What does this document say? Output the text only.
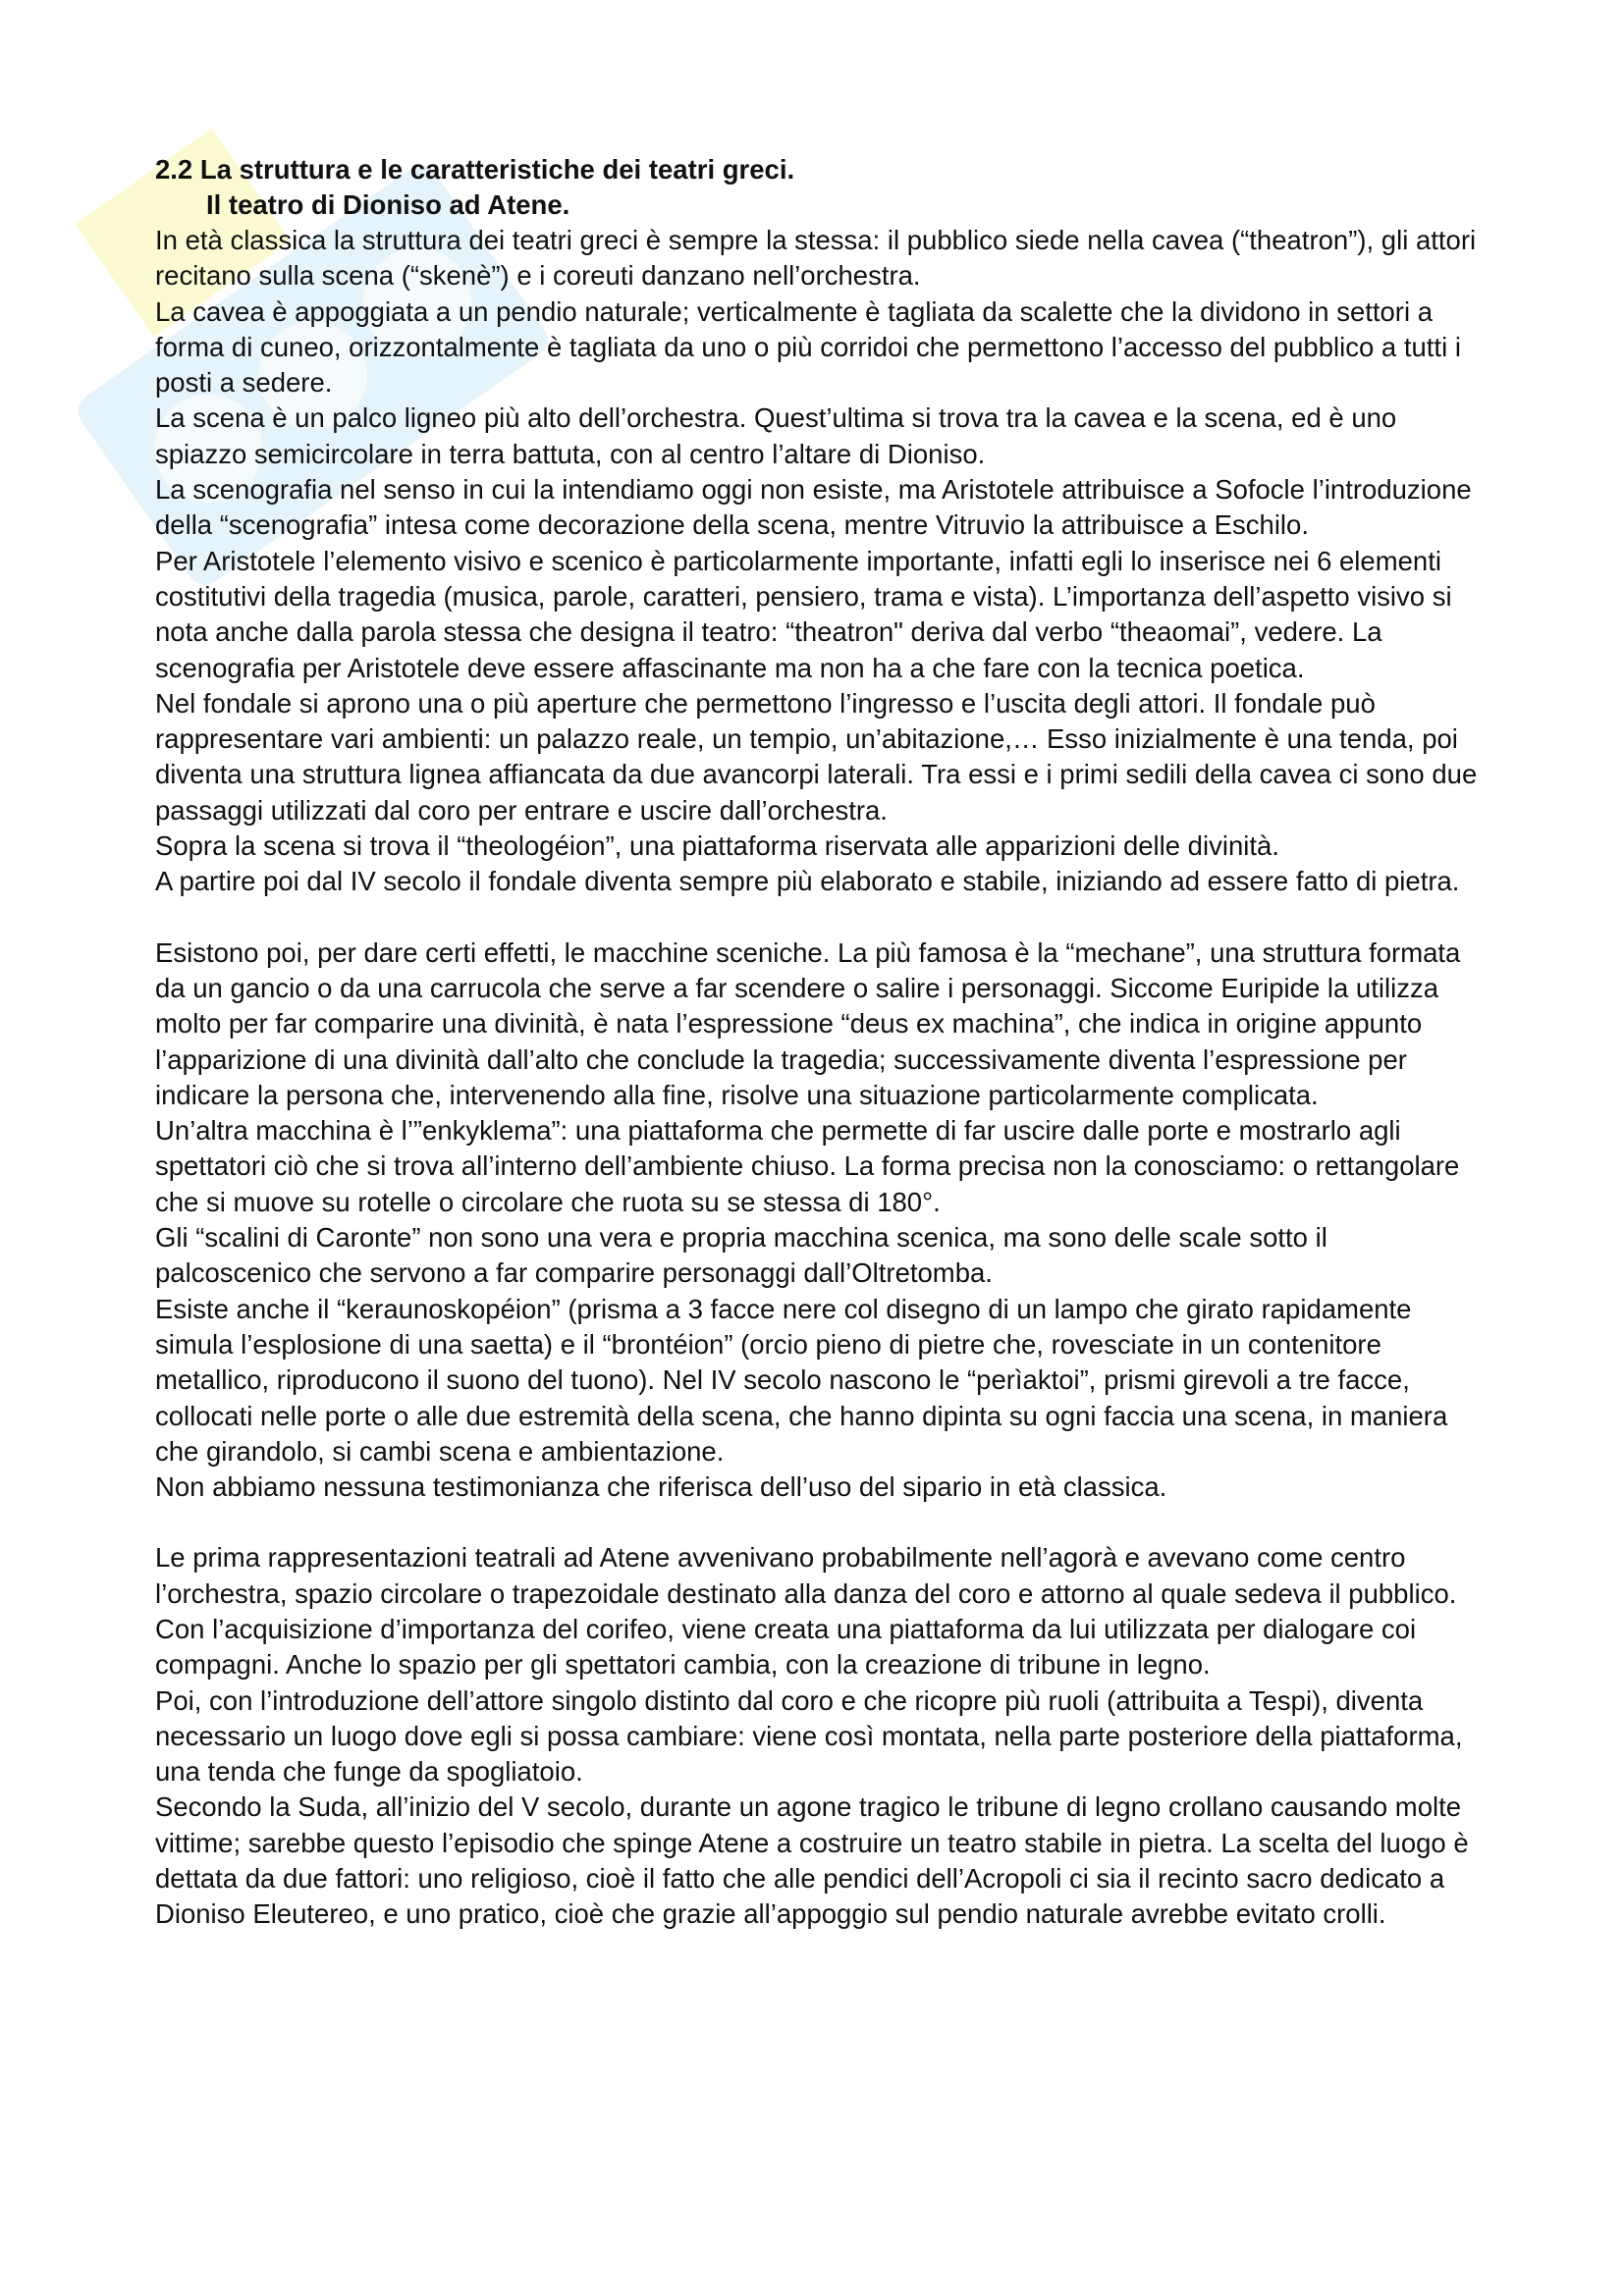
2.2 La struttura e le caratteristiche dei teatri greci.

Il teatro di Dioniso ad Atene.

In età classica la struttura dei teatri greci è sempre la stessa: il pubblico siede nella cavea (“theatron”), gli attori recitano sulla scena (“skenè”) e i coreuti danzano nell’orchestra.

La cavea è appoggiata a un pendio naturale; verticalmente è tagliata da scalette che la dividono in settori a forma di cuneo, orizzontalmente è tagliata da uno o più corridoi che permettono l’accesso del pubblico a tutti i posti a sedere.

La scena è un palco ligneo più alto dell’orchestra. Quest’ultima si trova tra la cavea e la scena, ed è uno spiazzo semicircolare in terra battuta, con al centro l’altare di Dioniso.

La scenografia nel senso in cui la intendiamo oggi non esiste, ma Aristotele attribuisce a Sofocle l’introduzione della “scenografia” intesa come decorazione della scena, mentre Vitruvio la attribuisce a Eschilo.

Per Aristotele l’elemento visivo e scenico è particolarmente importante, infatti egli lo inserisce nei 6 elementi costitutivi della tragedia (musica, parole, caratteri, pensiero, trama e vista). L’importanza dell’aspetto visivo si nota anche dalla parola stessa che designa il teatro: “theatron" deriva dal verbo “theaomai”, vedere. La scenografia per Aristotele deve essere affascinante ma non ha a che fare con la tecnica poetica.

Nel fondale si aprono una o più aperture che permettono l’ingresso e l’uscita degli attori. Il fondale può rappresentare vari ambienti: un palazzo reale, un tempio, un’abitazione,… Esso inizialmente è una tenda, poi diventa una struttura lignea affiancata da due avancorpi laterali. Tra essi e i primi sedili della cavea ci sono due passaggi utilizzati dal coro per entrare e uscire dall’orchestra.

Sopra la scena si trova il “theologéion”, una piattaforma riservata alle apparizioni delle divinità.

A partire poi dal IV secolo il fondale diventa sempre più elaborato e stabile, iniziando ad essere fatto di pietra.

Esistono poi, per dare certi effetti, le macchine sceniche. La più famosa è la “mechane”, una struttura formata da un gancio o da una carrucola che serve a far scendere o salire i personaggi. Siccome Euripide la utilizza molto per far comparire una divinità, è nata l’espressione “deus ex machina”, che indica in origine appunto l’apparizione di una divinità dall’alto che conclude la tragedia; successivamente diventa l’espressione per indicare la persona che, intervenendo alla fine, risolve una situazione particolarmente complicata.

Un’altra macchina è l’”enkyklema”: una piattaforma che permette di far uscire dalle porte e mostrarlo agli spettatori ciò che si trova all’interno dell’ambiente chiuso. La forma precisa non la conosciamo: o rettangolare che si muove su rotelle o circolare che ruota su se stessa di 180°.

Gli “scalini di Caronte” non sono una vera e propria macchina scenica, ma sono delle scale sotto il palcoscenico che servono a far comparire personaggi dall’Oltretomba.

Esiste anche il “keraunoskopéion” (prisma a 3 facce nere col disegno di un lampo che girato rapidamente simula l’esplosione di una saetta) e il “brontéion” (orcio pieno di pietre che, rovesciate in un contenitore metallico, riproducono il suono del tuono). Nel IV secolo nascono le “perìaktoi”, prismi girevoli a tre facce, collocati nelle porte o alle due estremità della scena, che hanno dipinta su ogni faccia una scena, in maniera che girandolo, si cambi scena e ambientazione.

Non abbiamo nessuna testimonianza che riferisca dell’uso del sipario in età classica.

Le prima rappresentazioni teatrali ad Atene avvenivano probabilmente nell’agorà e avevano come centro l’orchestra, spazio circolare o trapezoidale destinato alla danza del coro e attorno al quale sedeva il pubblico. Con l’acquisizione d’importanza del corifeo, viene creata una piattaforma da lui utilizzata per dialogare coi compagni. Anche lo spazio per gli spettatori cambia, con la creazione di tribune in legno.

Poi, con l’introduzione dell’attore singolo distinto dal coro e che ricopre più ruoli (attribuita a Tespi), diventa necessario un luogo dove egli si possa cambiare: viene così montata, nella parte posteriore della piattaforma, una tenda che funge da spogliatoio.

Secondo la Suda, all’inizio del V secolo, durante un agone tragico le tribune di legno crollano causando molte vittime; sarebbe questo l’episodio che spinge Atene a costruire un teatro stabile in pietra. La scelta del luogo è dettata da due fattori: uno religioso, cioè il fatto che alle pendici dell’Acropoli ci sia il recinto sacro dedicato a Dioniso Eleutereo, e uno pratico, cioè che grazie all’appoggio sul pendio naturale avrebbe evitato crolli.
